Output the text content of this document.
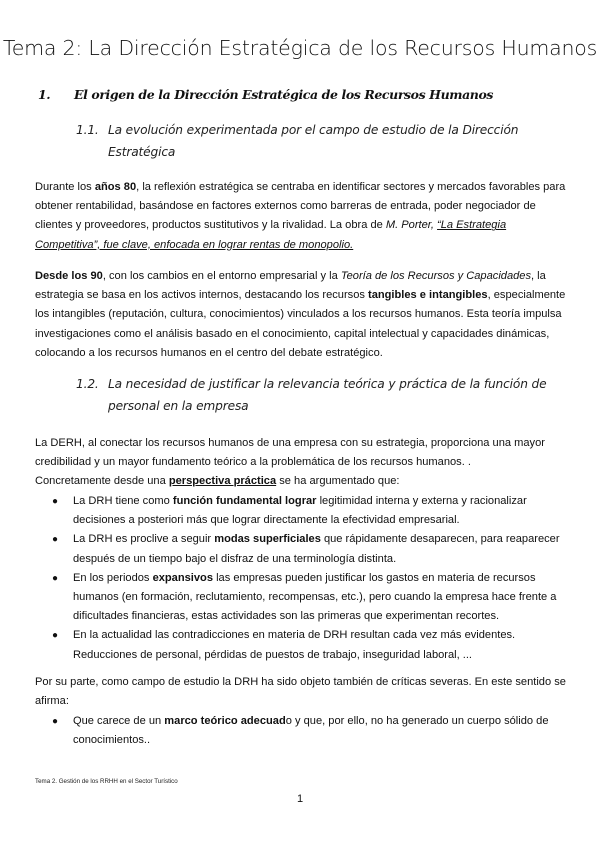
Tema 2: La Dirección Estratégica de los Recursos Humanos
1. El origen de la Dirección Estratégica de los Recursos Humanos
1.1. La evolución experimentada por el campo de estudio de la Dirección
Estratégica

Durante los años 80, la reflexión estratégica se centraba en identificar sectores y mercados favorables para obtener rentabilidad, basándose en factores externos como barreras de entrada, poder negociador de clientes y proveedores, productos sustitutivos y la rivalidad. La obra de M. Porter, “La Estrategia Competitiva”, fue clave, enfocada en lograr rentas de monopolio.

Desde los 90, con los cambios en el entorno empresarial y la Teoría de los Recursos y Capacidades, la estrategia se basa en los activos internos, destacando los recursos tangibles e intangibles, especialmente los intangibles (reputación, cultura, conocimientos) vinculados a los recursos humanos. Esta teoría impulsa investigaciones como el análisis basado en el conocimiento, capital intelectual y capacidades dinámicas, colocando a los recursos humanos en el centro del debate estratégico.

1.2. La necesidad de justificar la relevancia teórica y práctica de la función de
personal en la empresa

La DERH, al conectar los recursos humanos de una empresa con su estrategia, proporciona una mayor credibilidad y un mayor fundamento teórico a la problemática de los recursos humanos. .
Concretamente desde una perspectiva práctica se ha argumentado que:

● La DRH tiene como función fundamental lograr legitimidad interna y externa y racionalizar decisiones a posteriori más que lograr directamente la efectividad empresarial.
● La DRH es proclive a seguir modas superficiales que rápidamente desaparecen, para reaparecer después de un tiempo bajo el disfraz de una terminología distinta.
● En los periodos expansivos las empresas pueden justificar los gastos en materia de recursos humanos (en formación, reclutamiento, recompensas, etc.), pero cuando la empresa hace frente a dificultades financieras, estas actividades son las primeras que experimentan recortes.
● En la actualidad las contradicciones en materia de DRH resultan cada vez más evidentes. Reducciones de personal, pérdidas de puestos de trabajo, inseguridad laboral, ...

Por su parte, como campo de estudio la DRH ha sido objeto también de críticas severas. En este sentido se afirma:

● Que carece de un marco teórico adecuado y que, por ello, no ha generado un cuerpo sólido de conocimientos..
Tema 2. Gestión de los RRHH en el Sector Turístico
1
